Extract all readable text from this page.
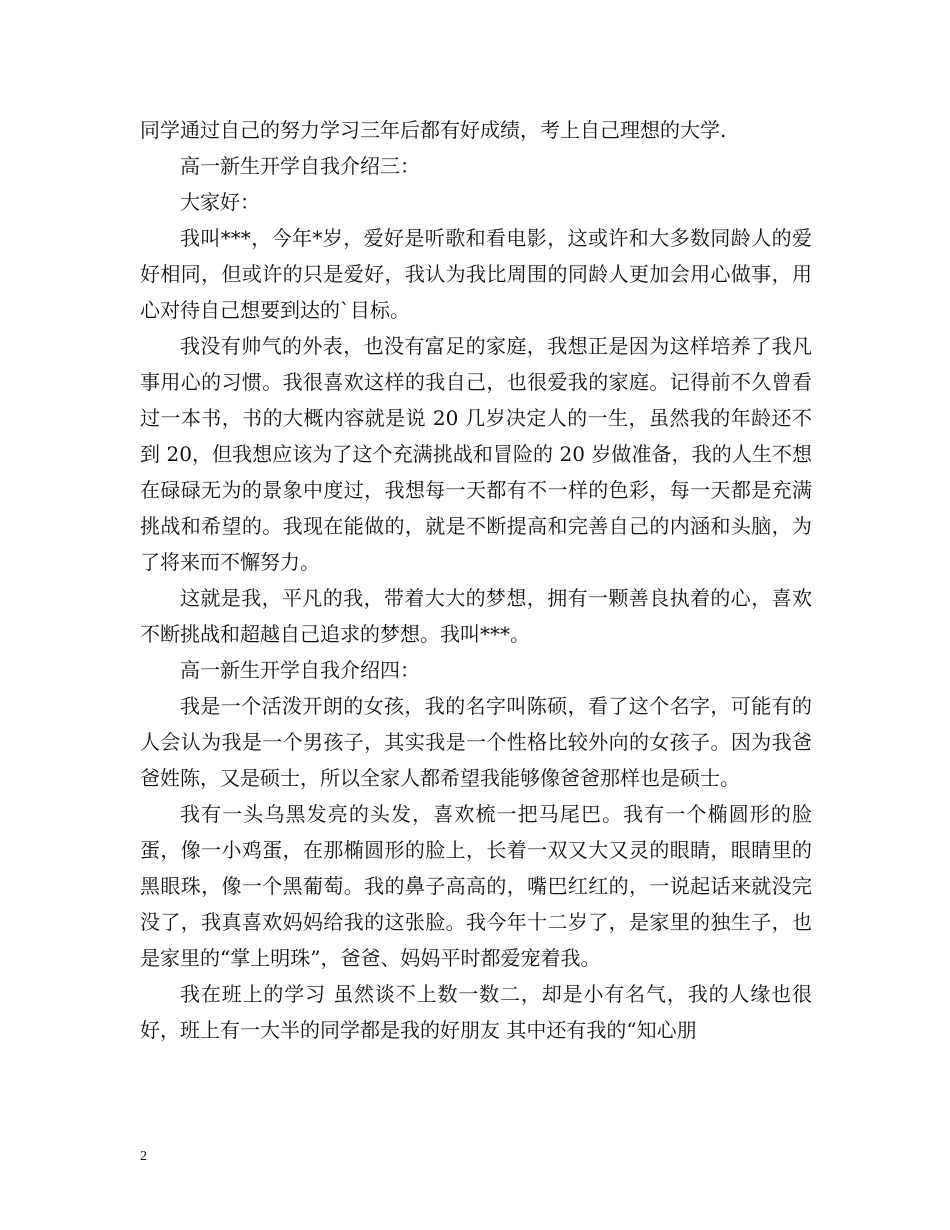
同学通过自己的努力学习三年后都有好成绩，考上自己理想的大学.

高一新生开学自我介绍三：

大家好：

我叫***，今年*岁，爱好是听歌和看电影，这或许和大多数同龄人的爱好相同，但或许的只是爱好，我认为我比周围的同龄人更加会用心做事，用心对待自己想要到达的`目标。

我没有帅气的外表，也没有富足的家庭，我想正是因为这样培养了我凡事用心的习惯。我很喜欢这样的我自己，也很爱我的家庭。记得前不久曾看过一本书，书的大概内容就是说 20 几岁决定人的一生，虽然我的年龄还不到 20，但我想应该为了这个充满挑战和冒险的 20 岁做准备，我的人生不想在碌碌无为的景象中度过，我想每一天都有不一样的色彩，每一天都是充满挑战和希望的。我现在能做的，就是不断提高和完善自己的内涵和头脑，为了将来而不懈努力。

这就是我，平凡的我，带着大大的梦想，拥有一颗善良执着的心，喜欢不断挑战和超越自己追求的梦想。我叫***。

高一新生开学自我介绍四：

我是一个活泼开朗的女孩，我的名字叫陈硕，看了这个名字，可能有的人会认为我是一个男孩子，其实我是一个性格比较外向的女孩子。因为我爸爸姓陈，又是硕士，所以全家人都希望我能够像爸爸那样也是硕士。

我有一头乌黑发亮的头发，喜欢梳一把马尾巴。我有一个椭圆形的脸蛋，像一小鸡蛋，在那椭圆形的脸上，长着一双又大又灵的眼睛，眼睛里的黑眼珠，像一个黑葡萄。我的鼻子高高的，嘴巴红红的，一说起话来就没完没了，我真喜欢妈妈给我的这张脸。我今年十二岁了，是家里的独生子，也是家里的“掌上明珠”，爸爸、妈妈平时都爱宠着我。

我在班上的学习 虽然谈不上数一数二，却是小有名气，我的人缘也很好，班上有一大半的同学都是我的好朋友 其中还有我的“知心朋

2
